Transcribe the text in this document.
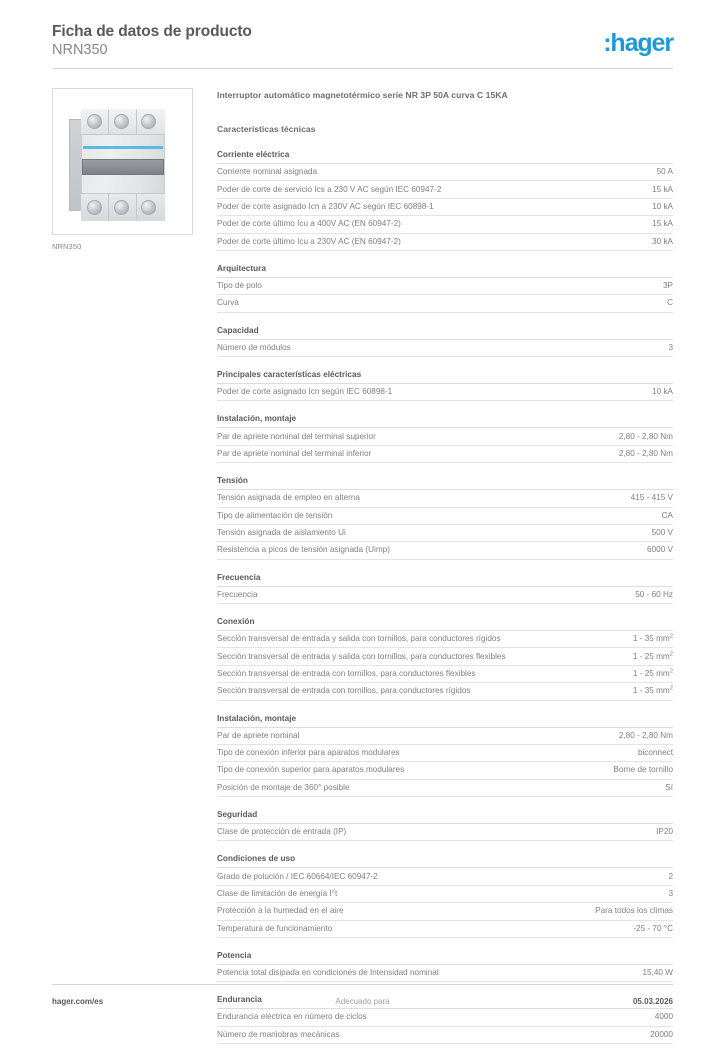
Ficha de datos de producto
NRN350	:hager
NRN350
Interruptor automático magnetotérmico serie NR 3P 50A curva C 15KA
Características técnicas
Corriente eléctrica
Corriente nominal asignada	50 A
Poder de corte de servicio Ics a 230 V AC según IEC 60947-2	15 kA
Poder de corte asignado Icn a 230V AC según IEC 60898-1	10 kA
Poder de corte último Icu a 400V AC (EN 60947-2)	15 kA
Poder de corte último Icu a 230V AC (EN 60947-2)	30 kA
Arquitectura
Tipo de polo	3P
Curva	C
Capacidad
Número de módulos	3
Principales características eléctricas
Poder de corte asignado Icn según IEC 60898-1	10 kA
Instalación, montaje
Par de apriete nominal del terminal superior	2,80 - 2,80 Nm
Par de apriete nominal del terminal inferior	2,80 - 2,80 Nm
Tensión
Tensión asignada de empleo en alterna	415 - 415 V
Tipo de alimentación de tensión	CA
Tensión asignada de aislamiento Ui	500 V
Resistencia a picos de tensión asignada (Uimp)	6000 V
Frecuencia
Frecuencia	50 - 60 Hz
Conexión
Sección transversal de entrada y salida con tornillos, para conductores rígidos	1 - 35 $mm^2$
Sección transversal de entrada y salida con tornillos, para conductores flexibles	1 - 25 $mm^2$
Sección transversal de entrada con tornillos, para conductores flexibles	1 - 25 $mm^2$
Sección transversal de entrada con tornillos, para conductores rígidos	1 - 35 $mm^2$
Instalación, montaje
Par de apriete nominal	2,80 - 2,80 Nm
Tipo de conexión inferior para aparatos modulares	biconnect
Tipo de conexión superior para aparatos modulares	Borne de tornillo
Posición de montaje de 360° posible	Sí
Seguridad
Clase de protección de entrada (IP)	IP20
Condiciones de uso
Grado de polución / IEC 60664/IEC 60947-2	2
Clase de limitación de energía $I^2t$	3
Protección a la humedad en el aire	Para todos los climas
Temperatura de funcionamiento	-25 - 70 °C
Potencia
Potencia total disipada en condiciones de Intensidad nominal	15,40 W
Endurancia
Endurancia eléctrica en número de ciclos	4000
Número de maniobras mecánicas	20000
hager.com/es	Adecuado para	05.03.2026
